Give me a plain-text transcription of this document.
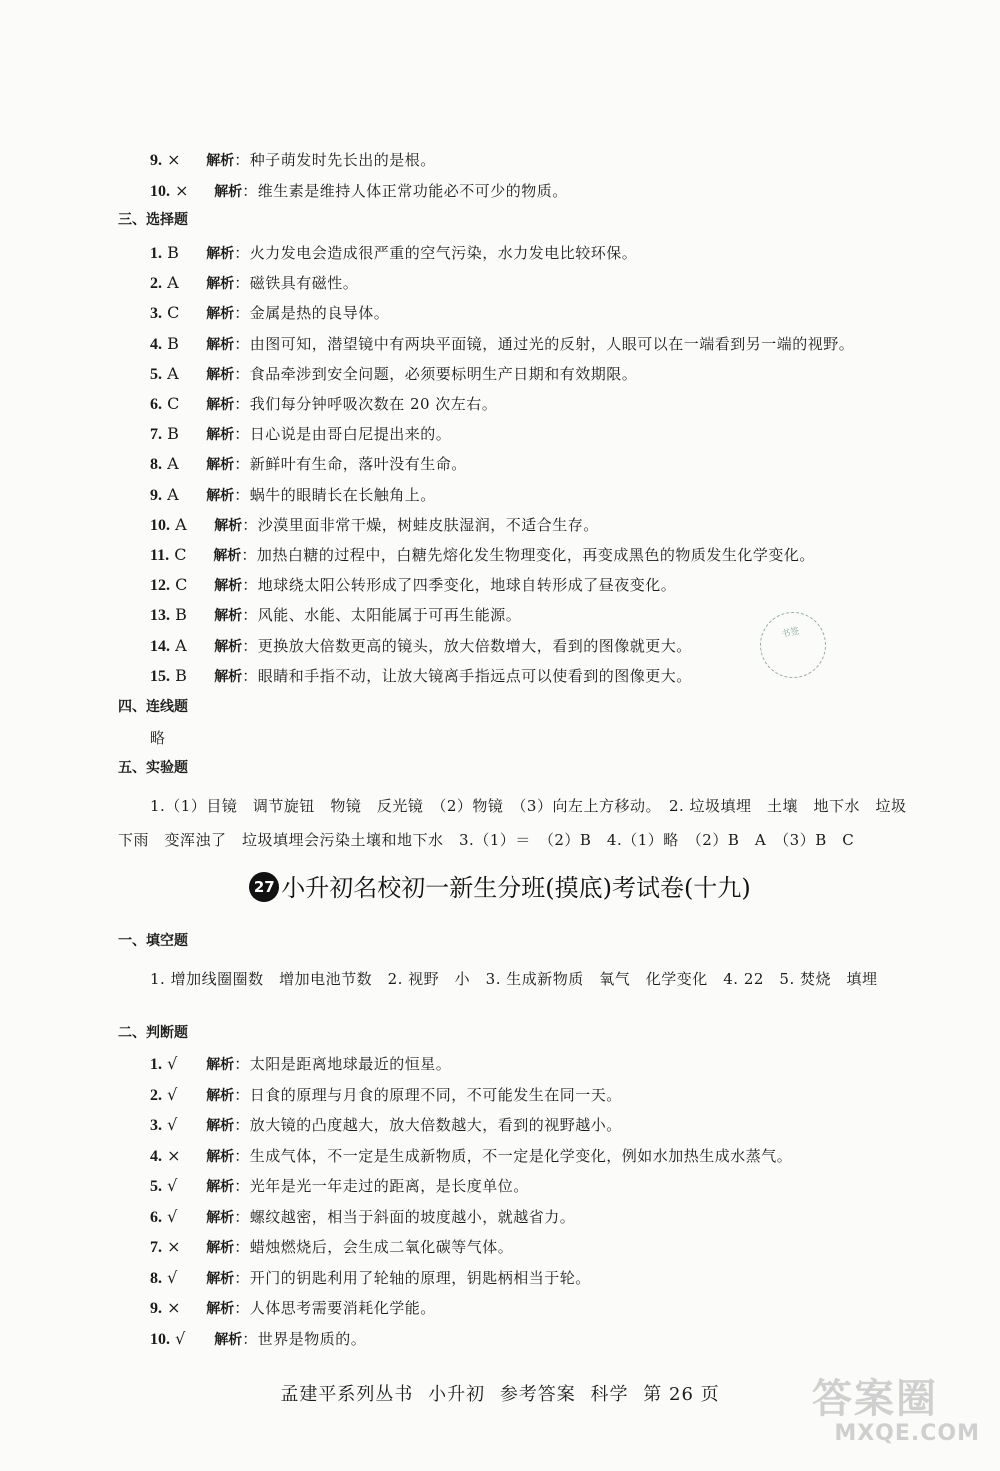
9. × 解析：种子萌发时先长出的是根。
10. × 解析：维生素是维持人体正常功能必不可少的物质。
三、选择题
1. B 解析：火力发电会造成很严重的空气污染，水力发电比较环保。
2. A 解析：磁铁具有磁性。
3. C 解析：金属是热的良导体。
4. B 解析：由图可知，潜望镜中有两块平面镜，通过光的反射，人眼可以在一端看到另一端的视野。
5. A 解析：食品牵涉到安全问题，必须要标明生产日期和有效期限。
6. C 解析：我们每分钟呼吸次数在 20 次左右。
7. B 解析：日心说是由哥白尼提出来的。
8. A 解析：新鲜叶有生命，落叶没有生命。
9. A 解析：蜗牛的眼睛长在长触角上。
10. A 解析：沙漠里面非常干燥，树蛙皮肤湿润，不适合生存。
11. C 解析：加热白糖的过程中，白糖先熔化发生物理变化，再变成黑色的物质发生化学变化。
12. C 解析：地球绕太阳公转形成了四季变化，地球自转形成了昼夜变化。
13. B 解析：风能、水能、太阳能属于可再生能源。
14. A 解析：更换放大倍数更高的镜头，放大倍数增大，看到的图像就更大。
15. B 解析：眼睛和手指不动，让放大镜离手指远点可以使看到的图像更大。
四、连线题
略
五、实验题
1.（1）目镜　调节旋钮　物镜　反光镜　（2）物镜　（3）向左上方移动。　2. 垃圾填埋　土壤　地下水　垃圾　下雨　变浑浊了　垃圾填埋会污染土壤和地下水　3.（1）＝　（2）B　4.（1）略　（2）B　A　（3）B　C
27 小升初名校初一新生分班(摸底)考试卷(十九)
一、填空题
1. 增加线圈圈数　增加电池节数　2. 视野　小　3. 生成新物质　氧气　化学变化　4. 22　5. 焚烧　填埋
二、判断题
1. √ 解析：太阳是距离地球最近的恒星。
2. √ 解析：日食的原理与月食的原理不同，不可能发生在同一天。
3. √ 解析：放大镜的凸度越大，放大倍数越大，看到的视野越小。
4. × 解析：生成气体，不一定是生成新物质，不一定是化学变化，例如水加热生成水蒸气。
5. √ 解析：光年是光一年走过的距离，是长度单位。
6. √ 解析：螺纹越密，相当于斜面的坡度越小，就越省力。
7. × 解析：蜡烛燃烧后，会生成二氧化碳等气体。
8. √ 解析：开门的钥匙利用了轮轴的原理，钥匙柄相当于轮。
9. × 解析：人体思考需要消耗化学能。
10. √ 解析：世界是物质的。
书签
孟建平系列丛书 小升初 参考答案 科学 第 26 页	答案圈
MXQE.COM
